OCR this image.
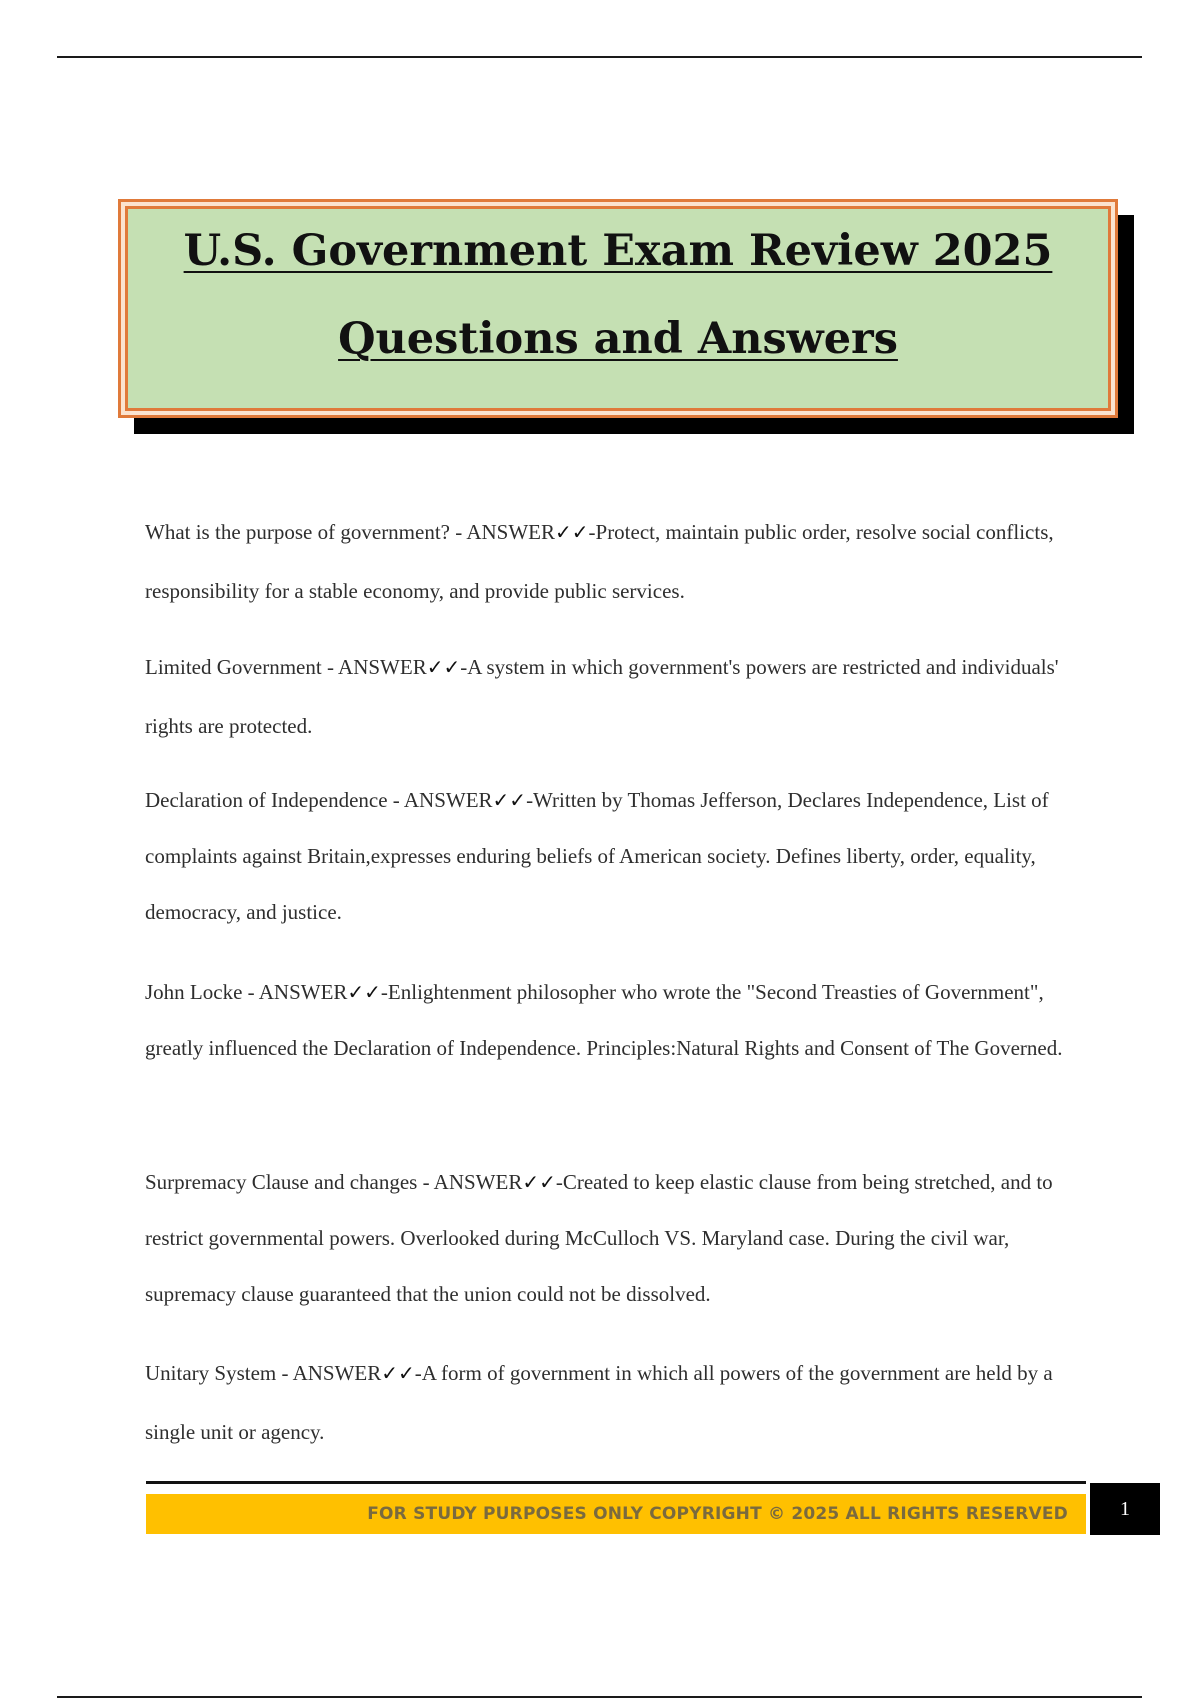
U.S. Government Exam Review 2025
Questions and Answers

What is the purpose of government? - ANSWER✓✓-Protect, maintain public order, resolve social conflicts, responsibility for a stable economy, and provide public services.

Limited Government - ANSWER✓✓-A system in which government's powers are restricted and individuals' rights are protected.

Declaration of Independence - ANSWER✓✓-Written by Thomas Jefferson, Declares Independence, List of complaints against Britain,expresses enduring beliefs of American society. Defines liberty, order, equality, democracy, and justice.

John Locke - ANSWER✓✓-Enlightenment philosopher who wrote the "Second Treasties of Government", greatly influenced the Declaration of Independence. Principles:Natural Rights and Consent of The Governed.

Surpremacy Clause and changes - ANSWER✓✓-Created to keep elastic clause from being stretched, and to restrict governmental powers. Overlooked during McCulloch VS. Maryland case. During the civil war, supremacy clause guaranteed that the union could not be dissolved.

Unitary System - ANSWER✓✓-A form of government in which all powers of the government are held by a single unit or agency.

FOR STUDY PURPOSES ONLY COPYRIGHT © 2025 ALL RIGHTS RESERVED	1
